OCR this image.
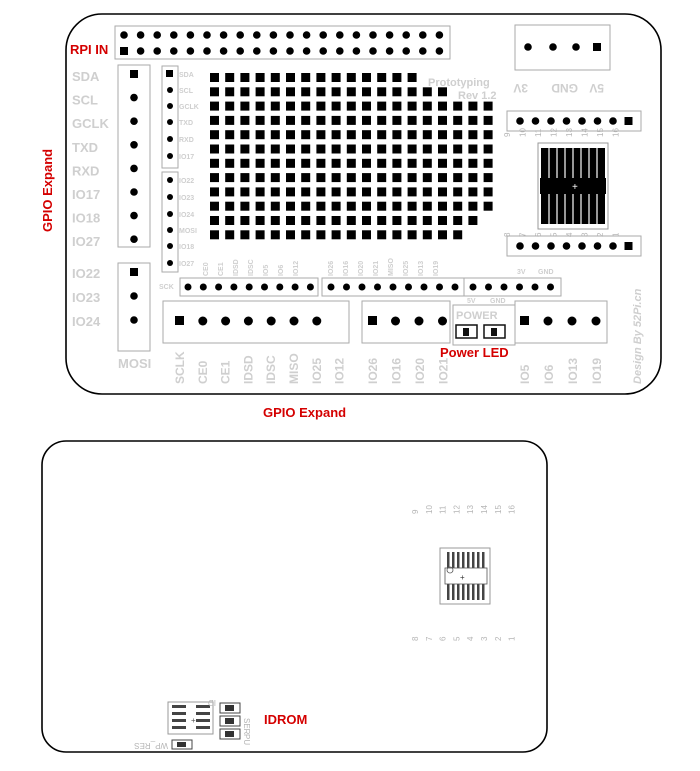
RPI IN
3V GND 5V
SDA
SCL
GCLK
TXD
RXD
IO17
IO18
IO27
IO22
IO23
IO24
MOSI
GPIO Expand
SDA
SCL
GCLK
TXD
RXD
IO17
IO22
IO23
IO24
MOSI
IO18
IO27
Prototyping
Rev 1.2
CE0 CE1 IDSD IDSC IO5 IO6 IO12	IO26 IO16 IO20 IO21 MISO IO25 IO13 IO19
SCK
9 10 11 12 13 14 15 16
+
8 7 6 5 4 3 2 1
3V GND
5V GND
POWER
Power LED
SCLK CE0 CE1 IDSD IDSC MISO IO25 IO12 IO26 IO16 IO20 IO21	IO5 IO6 IO13 IO19	Design By 52Pi.cn
GPIO Expand
9 10 11 12 13 14 15 16
+
8 7 6 5 4 3 2 1
+
ID
SER
PU
WP_RES
IDROM
